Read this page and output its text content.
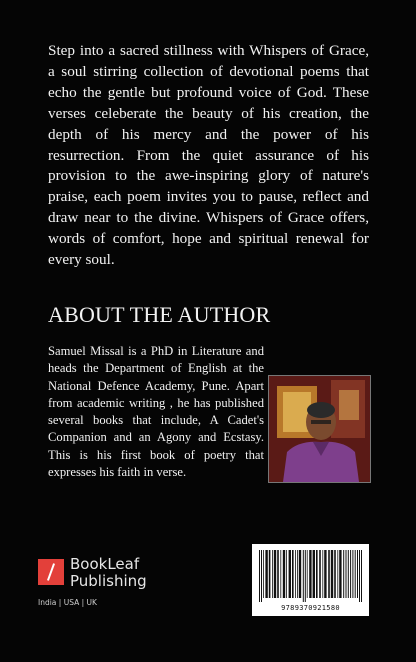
Step into a sacred stillness with Whispers of Grace, a soul stirring collection of devotional poems that echo the gentle but profound voice of God. These verses celeberate the beauty of his creation, the depth of his mercy and the power of his resurrection. From the quiet assurance of his provision to the awe-inspiring glory of nature's praise, each poem invites you to pause, reflect and draw near to the divine. Whispers of Grace offers, words of comfort, hope and spiritual renewal for every soul.

ABOUT THE AUTHOR

Samuel Missal is a PhD in Literature and heads the Department of English at the National Defence Academy, Pune. Apart from academic writing , he has published several books that include, A Cadet's Companion and an Agony and Ecstasy. This is his first book of poetry that expresses his faith in verse.

BookLeaf
Publishing
India | USA | UK
9789370921580
